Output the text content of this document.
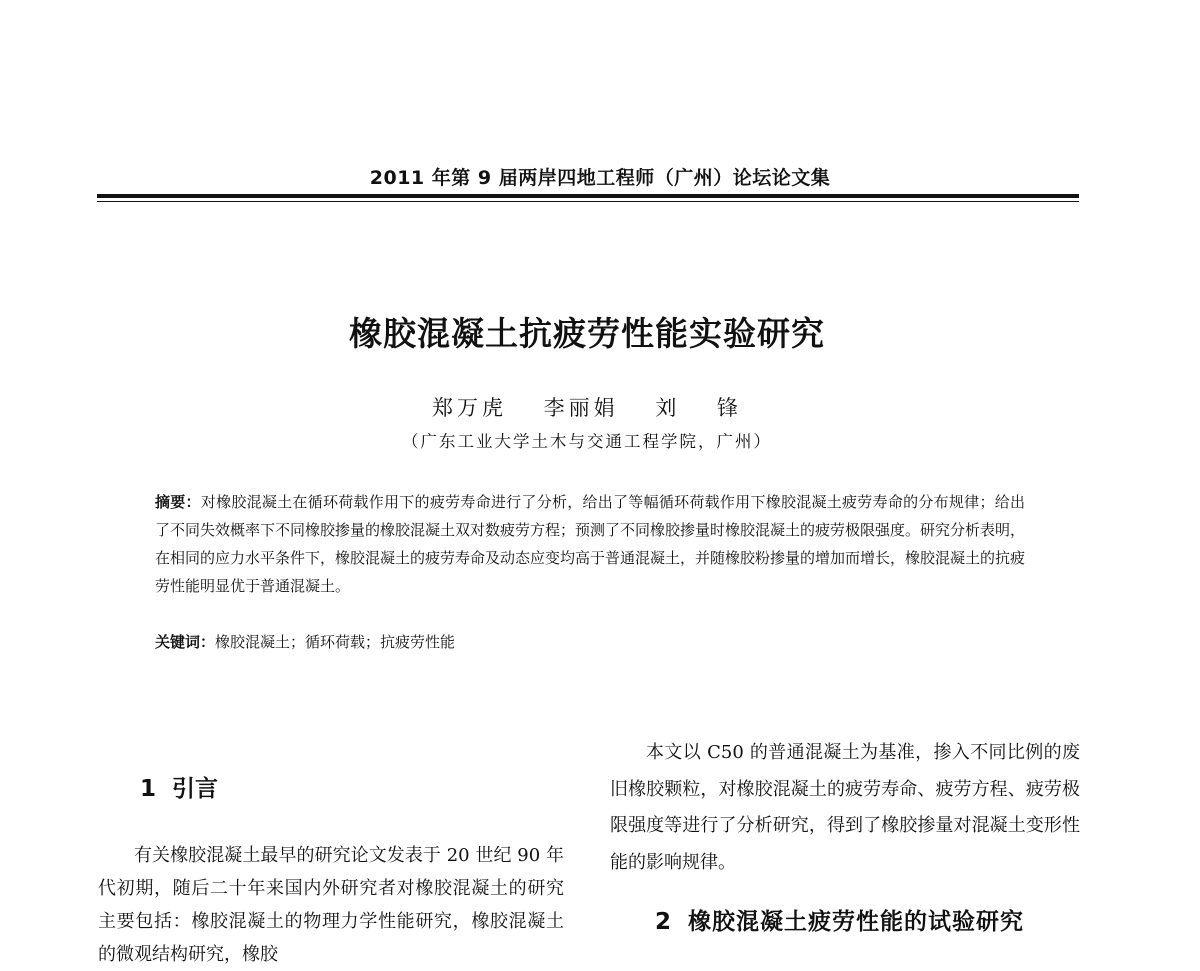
2011 年第 9 届两岸四地工程师（广州）论坛论文集
橡胶混凝土抗疲劳性能实验研究
郑万虎 李丽娟 刘 锋
（广东工业大学土木与交通工程学院，广州）
摘要：对橡胶混凝土在循环荷载作用下的疲劳寿命进行了分析，给出了等幅循环荷载作用下橡胶混凝土疲劳寿命的分布规律；给出了不同失效概率下不同橡胶掺量的橡胶混凝土双对数疲劳方程；预测了不同橡胶掺量时橡胶混凝土的疲劳极限强度。研究分析表明，在相同的应力水平条件下，橡胶混凝土的疲劳寿命及动态应变均高于普通混凝土，并随橡胶粉掺量的增加而增长，橡胶混凝土的抗疲劳性能明显优于普通混凝土。
关键词：橡胶混凝土；循环荷载；抗疲劳性能
1 引言
有关橡胶混凝土最早的研究论文发表于 20 世纪 90 年代初期，随后二十年来国内外研究者对橡胶混凝土的研究主要包括：橡胶混凝土的物理力学性能研究，橡胶混凝土的微观结构研究，橡胶
本文以 C50 的普通混凝土为基准，掺入不同比例的废旧橡胶颗粒，对橡胶混凝土的疲劳寿命、疲劳方程、疲劳极限强度等进行了分析研究，得到了橡胶掺量对混凝土变形性能的影响规律。
2 橡胶混凝土疲劳性能的试验研究
